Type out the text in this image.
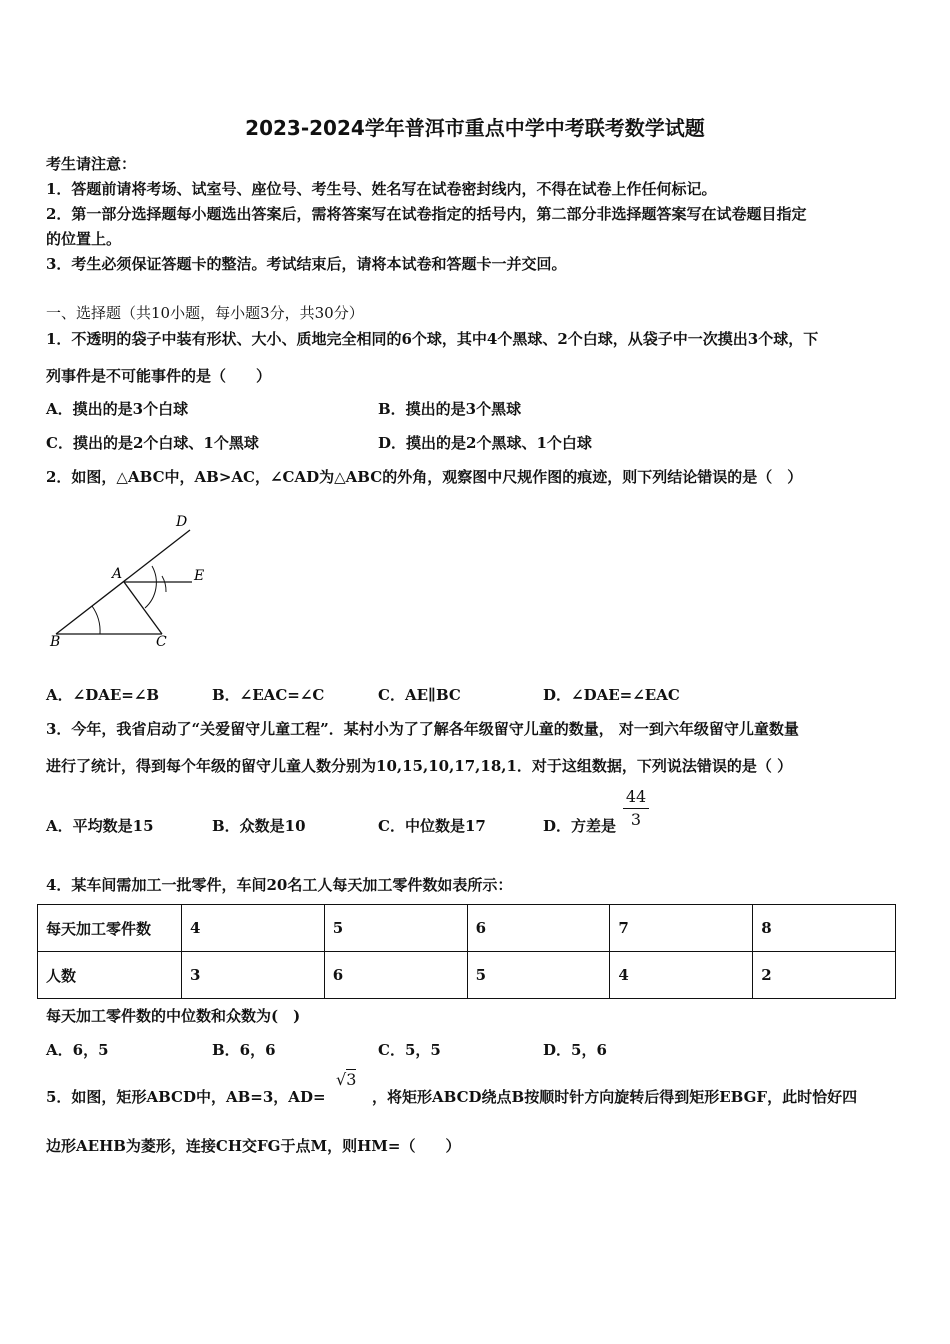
2023-2024学年普洱市重点中学中考联考数学试题
考生请注意：
1．答题前请将考场、试室号、座位号、考生号、姓名写在试卷密封线内，不得在试卷上作任何标记。
2．第一部分选择题每小题选出答案后，需将答案写在试卷指定的括号内，第二部分非选择题答案写在试卷题目指定
的位置上。
3．考生必须保证答题卡的整洁。考试结束后，请将本试卷和答题卡一并交回。
一、选择题（共10小题，每小题3分，共30分）
1．不透明的袋子中装有形状、大小、质地完全相同的6个球，其中4个黑球、2个白球，从袋子中一次摸出3个球，下
列事件是不可能事件的是（　　）
A．摸出的是3个白球	B．摸出的是3个黑球
C．摸出的是2个白球、1个黑球	D．摸出的是2个黑球、1个白球
2．如图，△ABC中，AB>AC，∠CAD为△ABC的外角，观察图中尺规作图的痕迹，则下列结论错误的是（　）
D
A	E
B	C
A．∠DAE=∠B	B．∠EAC=∠C	C．AE∥BC	D．∠DAE=∠EAC
3．今年，我省启动了“关爱留守儿童工程”．某村小为了了解各年级留守儿童的数量， 对一到六年级留守儿童数量
进行了统计，得到每个年级的留守儿童人数分别为10,15,10,17,18,1．对于这组数据，下列说法错误的是（ ）
A．平均数是15	B．众数是10	C．中位数是17	D．方差是
44
3
4．某车间需加工一批零件，车间20名工人每天加工零件数如表所示：
每天加工零件数	4	5	6	7	8
人数	3	6	5	4	2
每天加工零件数的中位数和众数为(　)
A．6，5	B．6，6	C．5，5	D．5，6
5．如图，矩形ABCD中，AB=3，AD=
√3
，将矩形ABCD绕点B按顺时针方向旋转后得到矩形EBGF，此时恰好四
边形AEHB为菱形，连接CH交FG于点M，则HM=（　　）
